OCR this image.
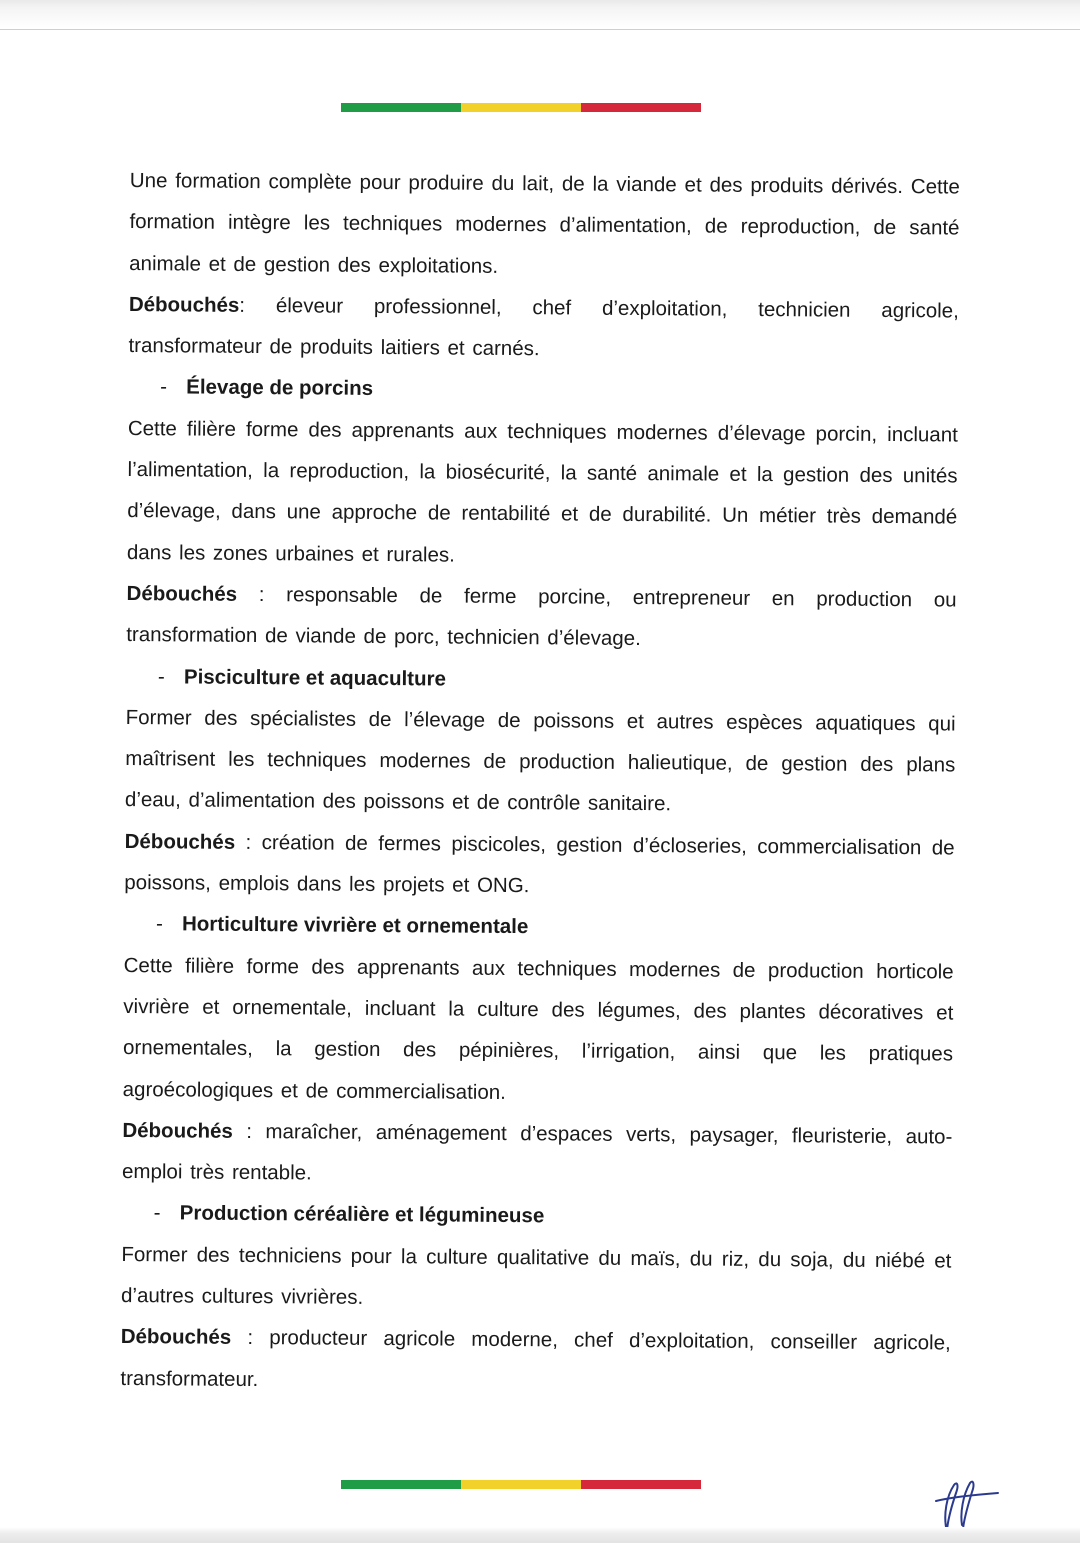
Une formation complète pour produire du lait, de la viande et des produits dérivés. Cette formation intègre les techniques modernes d’alimentation, de reproduction, de santé animale et de gestion des exploitations.

Débouchés: éleveur professionnel, chef d’exploitation, technicien agricole, transformateur de produits laitiers et carnés.

- Élevage de porcins

Cette filière forme des apprenants aux techniques modernes d’élevage porcin, incluant l’alimentation, la reproduction, la biosécurité, la santé animale et la gestion des unités d’élevage, dans une approche de rentabilité et de durabilité. Un métier très demandé dans les zones urbaines et rurales.

Débouchés : responsable de ferme porcine, entrepreneur en production ou transformation de viande de porc, technicien d’élevage.

- Pisciculture et aquaculture

Former des spécialistes de l’élevage de poissons et autres espèces aquatiques qui maîtrisent les techniques modernes de production halieutique, de gestion des plans d’eau, d’alimentation des poissons et de contrôle sanitaire.

Débouchés : création de fermes piscicoles, gestion d’écloseries, commercialisation de poissons, emplois dans les projets et ONG.

- Horticulture vivrière et ornementale

Cette filière forme des apprenants aux techniques modernes de production horticole vivrière et ornementale, incluant la culture des légumes, des plantes décoratives et ornementales, la gestion des pépinières, l’irrigation, ainsi que les pratiques agroécologiques et de commercialisation.

Débouchés : maraîcher, aménagement d’espaces verts, paysager, fleuristerie, auto-emploi très rentable.

- Production céréalière et légumineuse

Former des techniciens pour la culture qualitative du maïs, du riz, du soja, du niébé et d’autres cultures vivrières.

Débouchés : producteur agricole moderne, chef d’exploitation, conseiller agricole, transformateur.
